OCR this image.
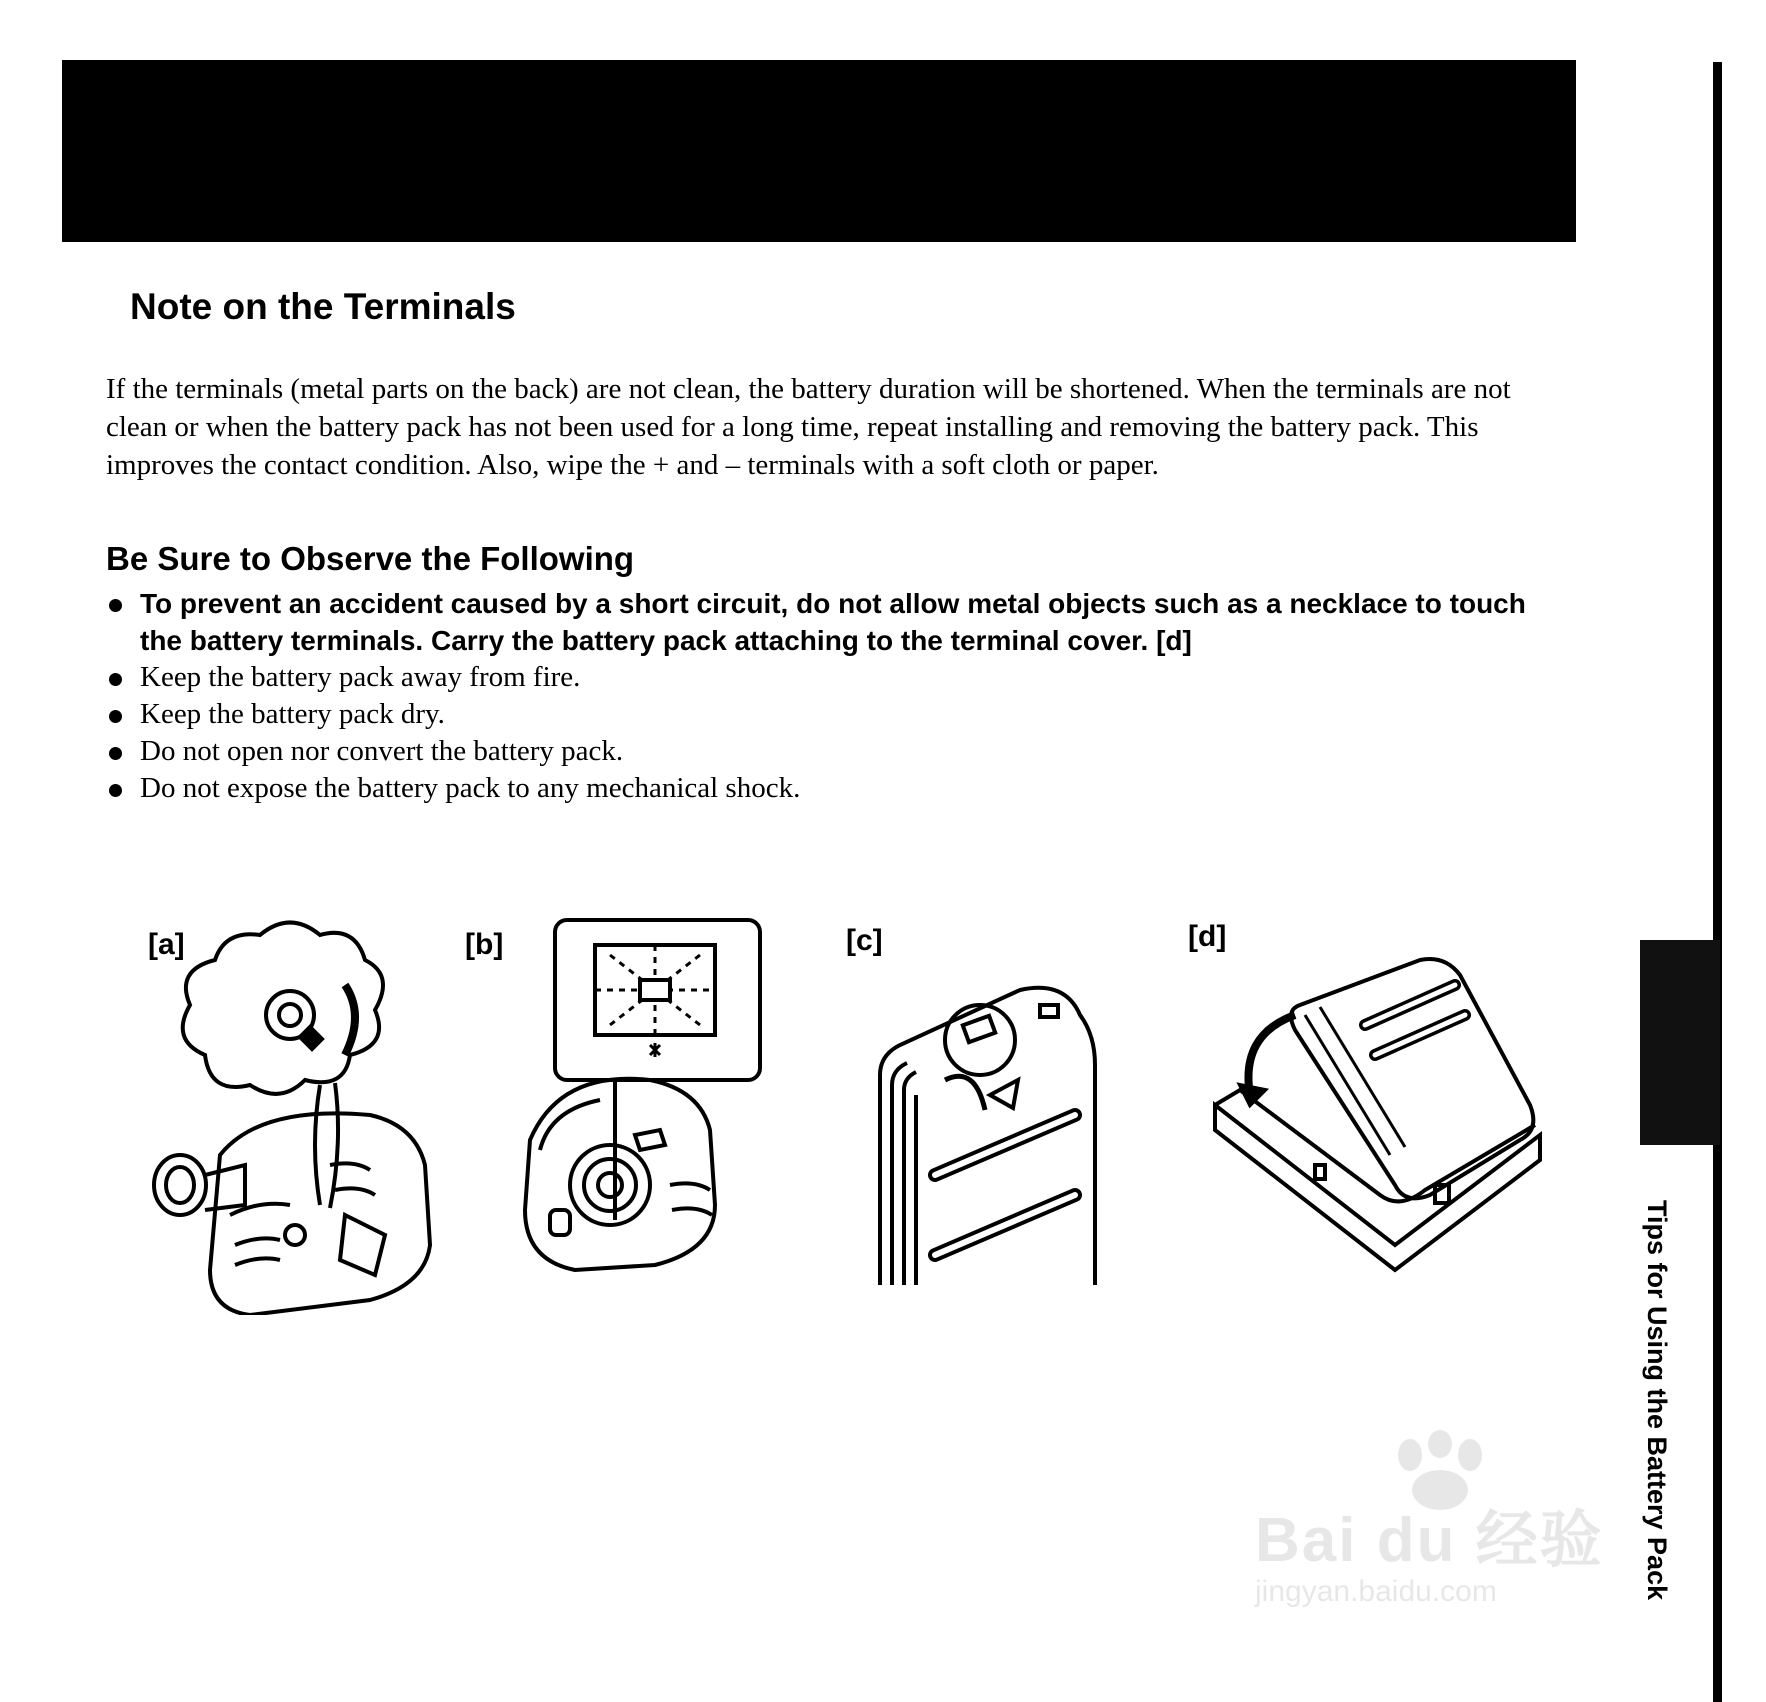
Tips for Using the Battery Pack
Note on the Terminals

If the terminals (metal parts on the back) are not clean, the battery duration will be shortened. When the terminals are not clean or when the battery pack has not been used for a long time, repeat installing and removing the battery pack. This improves the contact condition. Also, wipe the + and – terminals with a soft cloth or paper.

Be Sure to Observe the Following
To prevent an accident caused by a short circuit, do not allow metal objects such as a necklace to touch the battery terminals. Carry the battery pack attaching to the terminal cover. [d]
Keep the battery pack away from fire.
Keep the battery pack dry.
Do not open nor convert the battery pack.
Do not expose the battery pack to any mechanical shock.
[a]	[b]	[c]	[d]
Bai du 经验
jingyan.baidu.com
